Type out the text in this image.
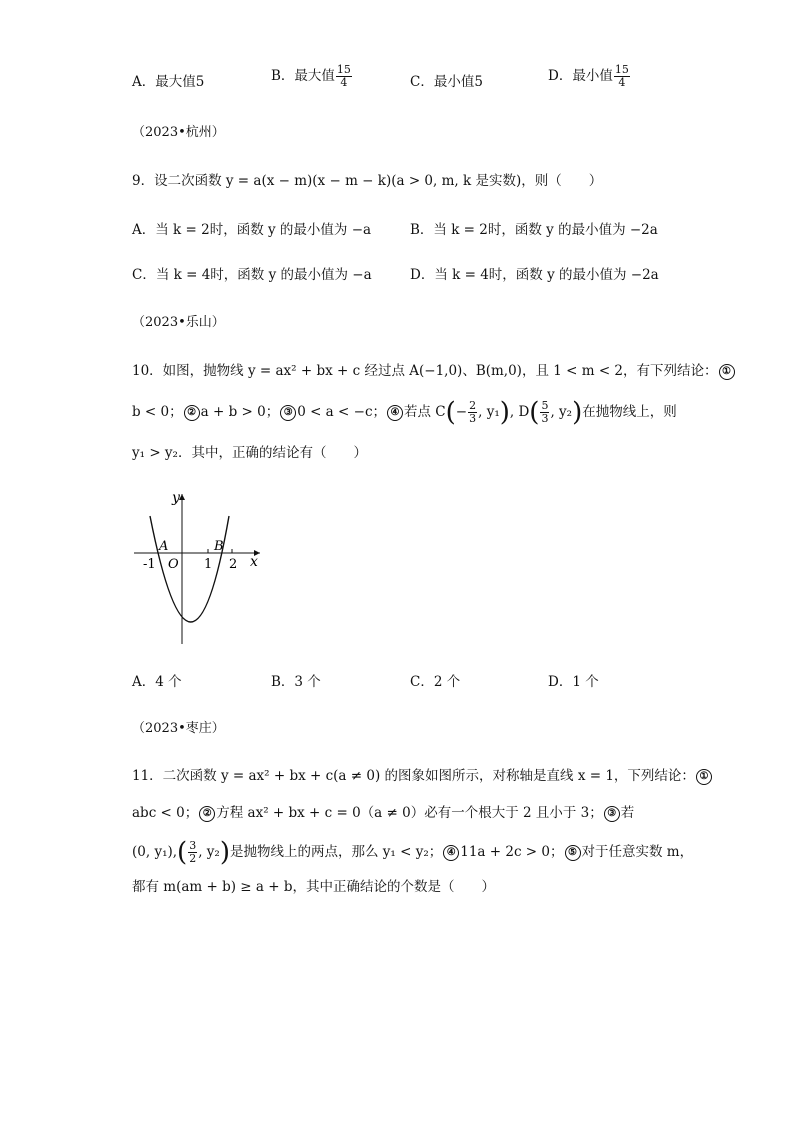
A．最大值5	B．最大值 $\frac{15}{4}$	C．最小值5	D．最小值 $\frac{15}{4}$
（2023•杭州）
9．设二次函数 y = a(x − m)(x − m − k)(a > 0, m, k 是实数)，则（　　）
A．当 k = 2时，函数 y 的最小值为 −a	B．当 k = 2时，函数 y 的最小值为 −2a
C．当 k = 4时，函数 y 的最小值为 −a	D．当 k = 4时，函数 y 的最小值为 −2a
（2023•乐山）
10．如图，抛物线 y = ax² + bx + c 经过点 A(−1,0)、B(m,0)，且 1 < m < 2，有下列结论： ①
b < 0； ② a + b > 0； ③ 0 < a < −c； ④ 若点 $C(- \frac{2}{3}$ , y₁), $D( \frac{5}{3}$ , y₂)在抛物线上，则
y₁ > y₂．其中，正确的结论有（　　）
y
x
A	B
O
-1	1 2
A．4 个	B．3 个	C．2 个	D．1 个
（2023•枣庄）
11．二次函数 y = ax² + bx + c(a ≠ 0) 的图象如图所示，对称轴是直线 x = 1，下列结论： ①
abc < 0； ② 方程 ax² + bx + c = 0（a ≠ 0）必有一个根大于 2 且小于 3； ③ 若
(0, $y_1),( \frac{3}{2}$ , y₂)是抛物线上的两点，那么 y₁ < y₂； ④ 11a + 2c > 0； ⑤ 对于任意实数 m，
都有 m(am + b) ≥ a + b，其中正确结论的个数是（　　）
